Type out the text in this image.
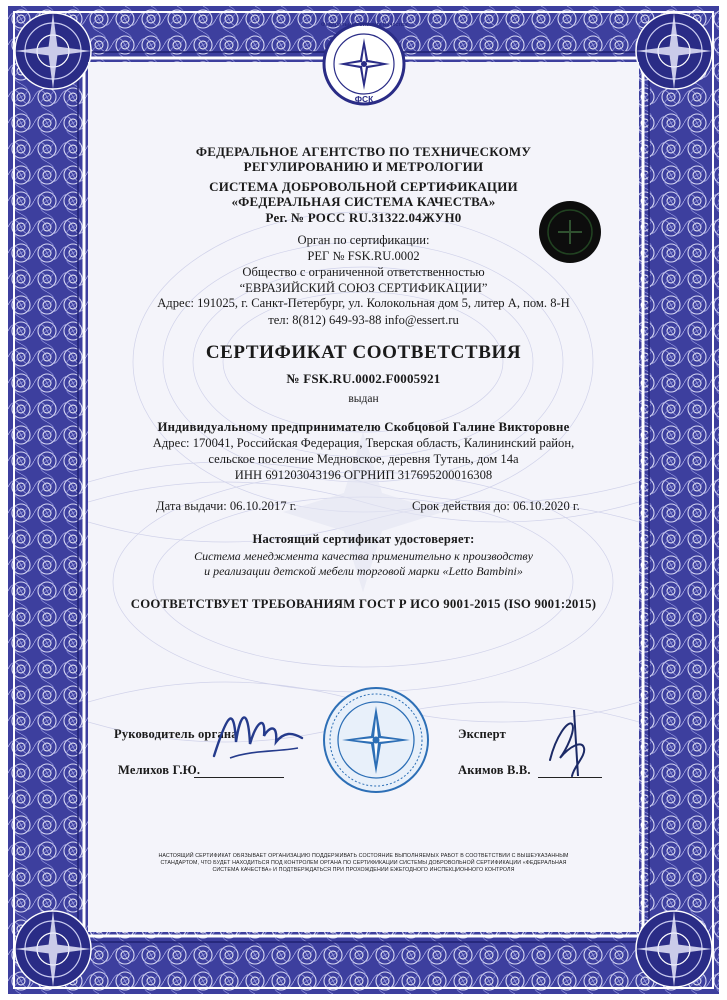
Федеральная Система Качества
ФСК
ФЕДЕРАЛЬНОЕ АГЕНТСТВО ПО ТЕХНИЧЕСКОМУ
РЕГУЛИРОВАНИЮ И МЕТРОЛОГИИ
СИСТЕМА ДОБРОВОЛЬНОЙ СЕРТИФИКАЦИИ
«ФЕДЕРАЛЬНАЯ СИСТЕМА КАЧЕСТВА»
Рег. № РОСС RU.31322.04ЖУН0
Орган по сертификации:
РЕГ № FSK.RU.0002
Общество с ограниченной ответственностью
“ЕВРАЗИЙСКИЙ СОЮЗ СЕРТИФИКАЦИИ”
Адрес: 191025, г. Санкт-Петербург, ул. Колокольная дом 5, литер А, пом. 8-Н
тел: 8(812) 649-93-88 info@essert.ru
СЕРТИФИКАТ СООТВЕТСТВИЯ
№ FSK.RU.0002.F0005921
выдан
Индивидуальному предпринимателю Скобцовой Галине Викторовне
Адрес: 170041, Российская Федерация, Тверская область, Калининский район,
сельское поселение Медновское, деревня Тутань, дом 14а
ИНН 691203043196 ОГРНИП 317695200016308
Дата выдачи: 06.10.2017 г.	Срок действия до: 06.10.2020 г.
Настоящий сертификат удостоверяет:
Система менеджмента качества применительно к производству
и реализации детской мебели торговой марки «Letto Bambini»
СООТВЕТСТВУЕТ ТРЕБОВАНИЯМ ГОСТ Р ИСО 9001-2015 (ISO 9001:2015)
Руководитель органа
Мелихов Г.Ю.
Эксперт
Акимов В.В.
НАСТОЯЩИЙ СЕРТИФИКАТ ОБЯЗЫВАЕТ ОРГАНИЗАЦИЮ ПОДДЕРЖИВАТЬ СОСТОЯНИЕ ВЫПОЛНЯЕМЫХ РАБОТ В СООТВЕТСТВИИ С ВЫШЕУКАЗАННЫМ
СТАНДАРТОМ, ЧТО БУДЕТ НАХОДИТЬСЯ ПОД КОНТРОЛЕМ ОРГАНА ПО СЕРТИФИКАЦИИ СИСТЕМЫ ДОБРОВОЛЬНОЙ СЕРТИФИКАЦИИ «ФЕДЕРАЛЬНАЯ
СИСТЕМА КАЧЕСТВА» И ПОДТВЕРЖДАТЬСЯ ПРИ ПРОХОЖДЕНИИ ЕЖЕГОДНОГО ИНСПЕКЦИОННОГО КОНТРОЛЯ
